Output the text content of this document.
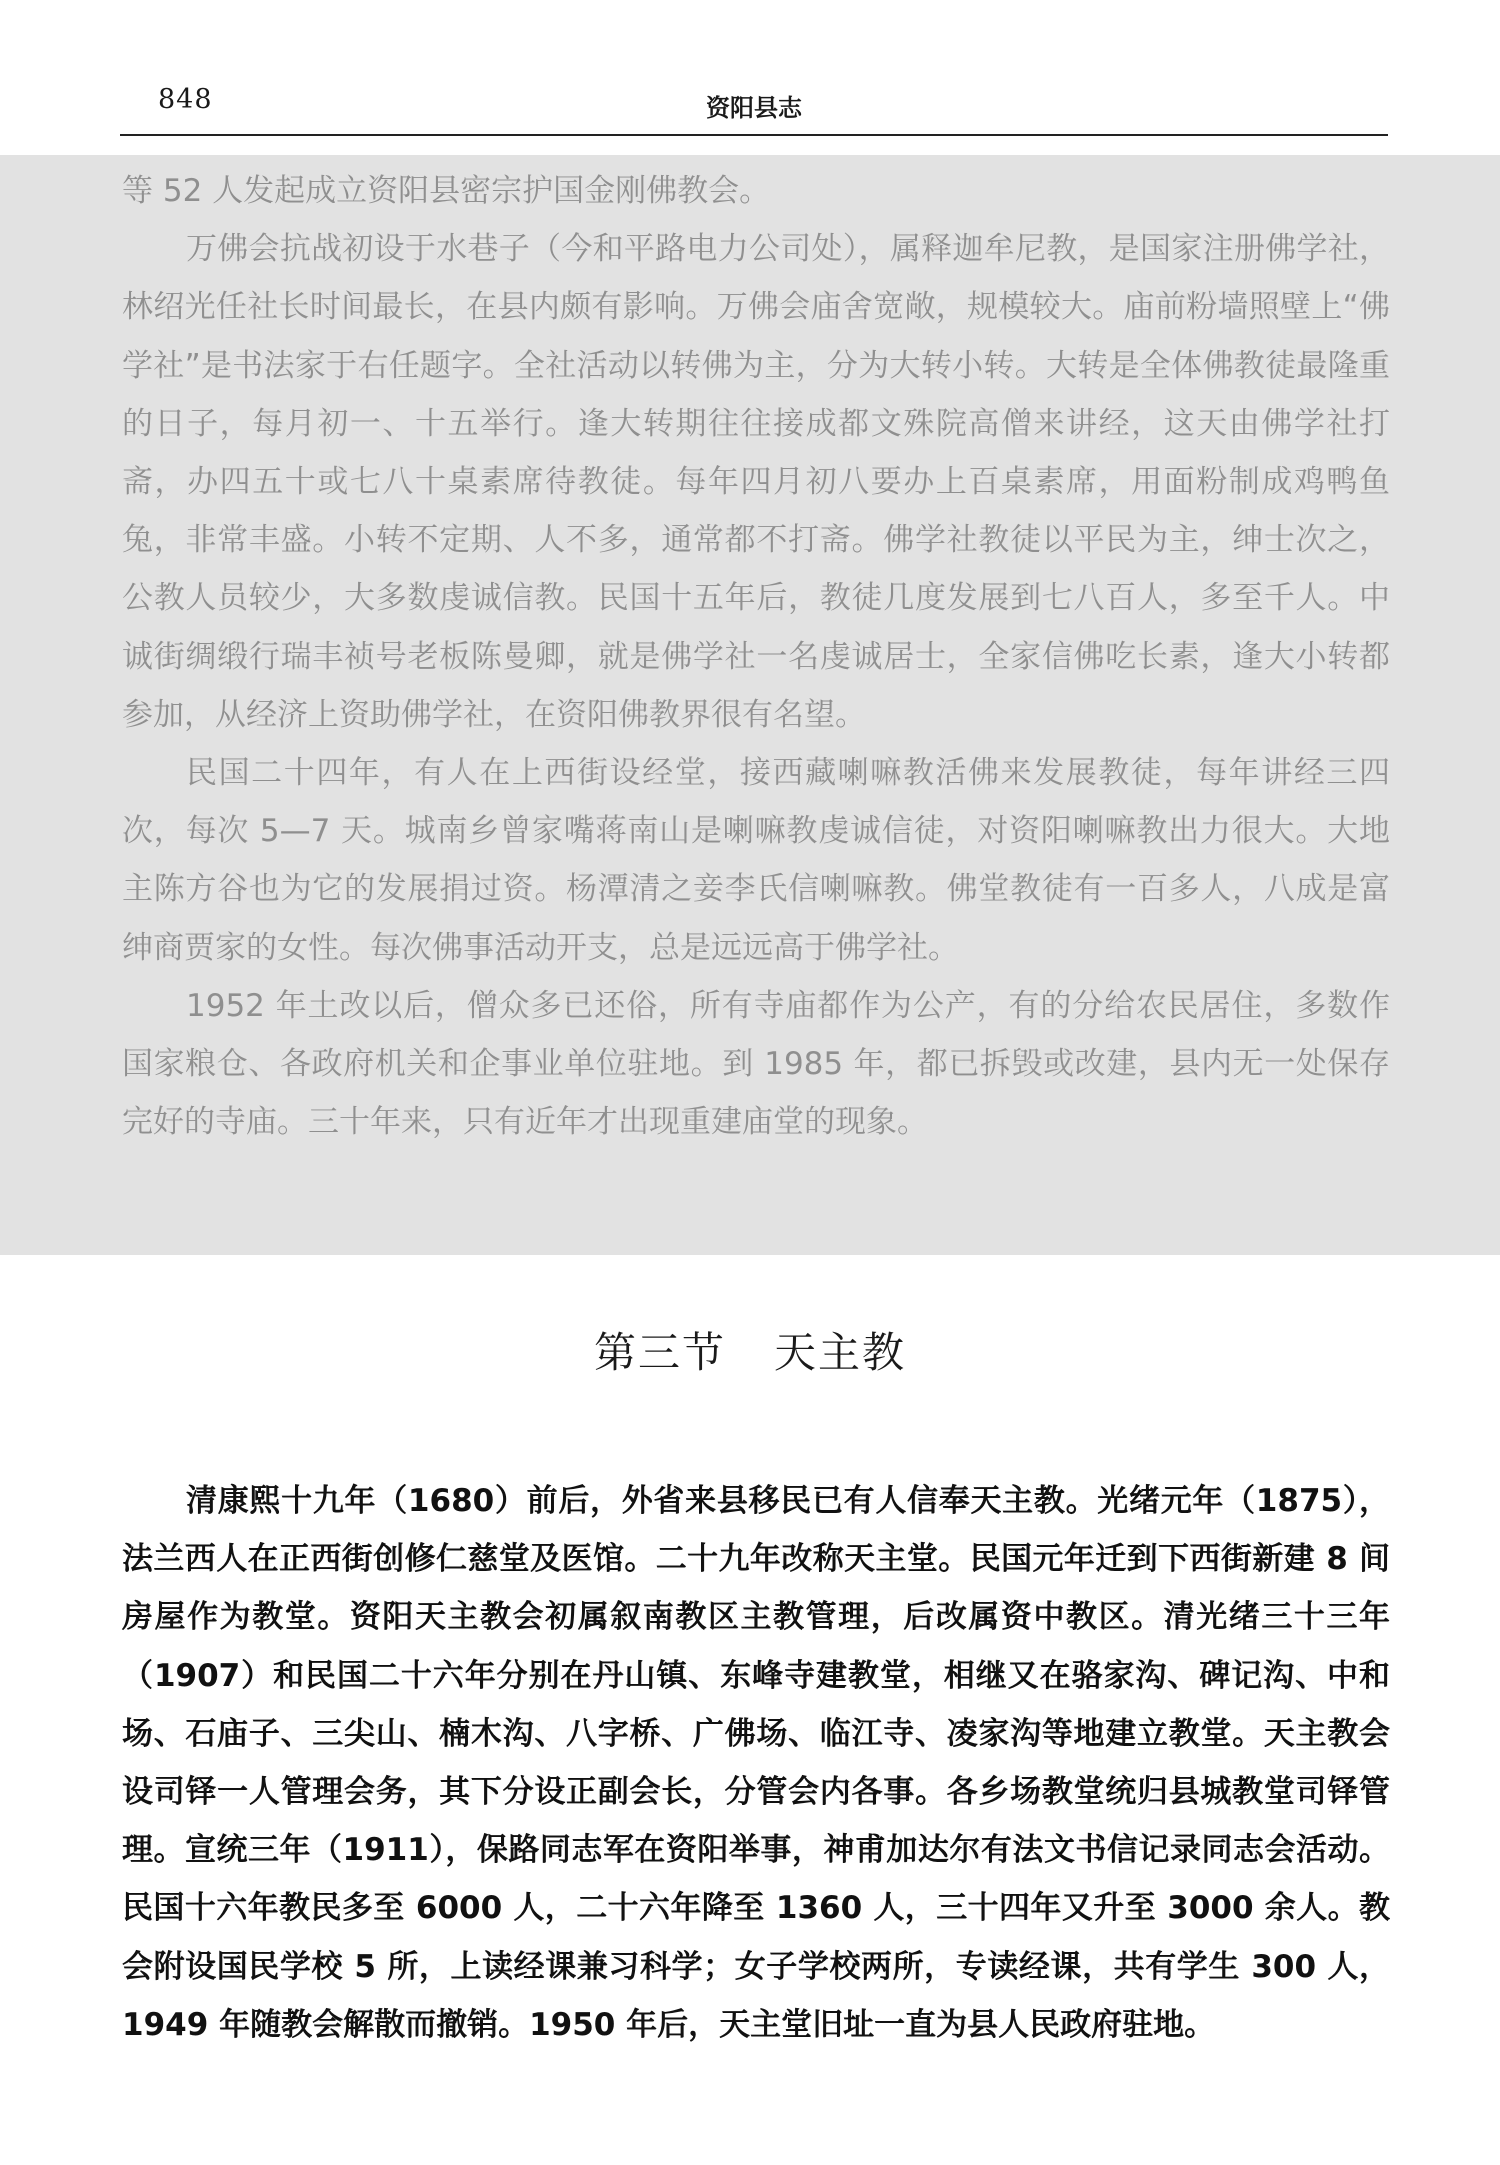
848	资阳县志

等 52 人发起成立资阳县密宗护国金刚佛教会。

万佛会抗战初设于水巷子（今和平路电力公司处），属释迦牟尼教，是国家注册佛学社，林绍光任社长时间最长，在县内颇有影响。万佛会庙舍宽敞，规模较大。庙前粉墙照壁上“佛学社”是书法家于右任题字。全社活动以转佛为主，分为大转小转。大转是全体佛教徒最隆重的日子，每月初一、十五举行。逢大转期往往接成都文殊院高僧来讲经，这天由佛学社打斋，办四五十或七八十桌素席待教徒。每年四月初八要办上百桌素席，用面粉制成鸡鸭鱼兔，非常丰盛。小转不定期、人不多，通常都不打斋。佛学社教徒以平民为主，绅士次之，公教人员较少，大多数虔诚信教。民国十五年后，教徒几度发展到七八百人，多至千人。中诚街绸缎行瑞丰祯号老板陈曼卿，就是佛学社一名虔诚居士，全家信佛吃长素，逢大小转都参加，从经济上资助佛学社，在资阳佛教界很有名望。

民国二十四年，有人在上西街设经堂，接西藏喇嘛教活佛来发展教徒，每年讲经三四次，每次 5—7 天。城南乡曾家嘴蒋南山是喇嘛教虔诚信徒，对资阳喇嘛教出力很大。大地主陈方谷也为它的发展捐过资。杨潭清之妾李氏信喇嘛教。佛堂教徒有一百多人，八成是富绅商贾家的女性。每次佛事活动开支，总是远远高于佛学社。

1952 年土改以后，僧众多已还俗，所有寺庙都作为公产，有的分给农民居住，多数作国家粮仓、各政府机关和企事业单位驻地。到 1985 年，都已拆毁或改建，县内无一处保存完好的寺庙。三十年来，只有近年才出现重建庙堂的现象。

第三节 天主教

清康熙十九年（1680）前后，外省来县移民已有人信奉天主教。光绪元年（1875），法兰西人在正西街创修仁慈堂及医馆。二十九年改称天主堂。民国元年迁到下西街新建 8 间房屋作为教堂。资阳天主教会初属叙南教区主教管理，后改属资中教区。清光绪三十三年（1907）和民国二十六年分别在丹山镇、东峰寺建教堂，相继又在骆家沟、碑记沟、中和场、石庙子、三尖山、楠木沟、八字桥、广佛场、临江寺、凌家沟等地建立教堂。天主教会设司铎一人管理会务，其下分设正副会长，分管会内各事。各乡场教堂统归县城教堂司铎管理。宣统三年（1911），保路同志军在资阳举事，神甫加达尔有法文书信记录同志会活动。民国十六年教民多至 6000 人，二十六年降至 1360 人，三十四年又升至 3000 余人。教会附设国民学校 5 所，上读经课兼习科学；女子学校两所，专读经课，共有学生 300 人，1949 年随教会解散而撤销。1950 年后，天主堂旧址一直为县人民政府驻地。
